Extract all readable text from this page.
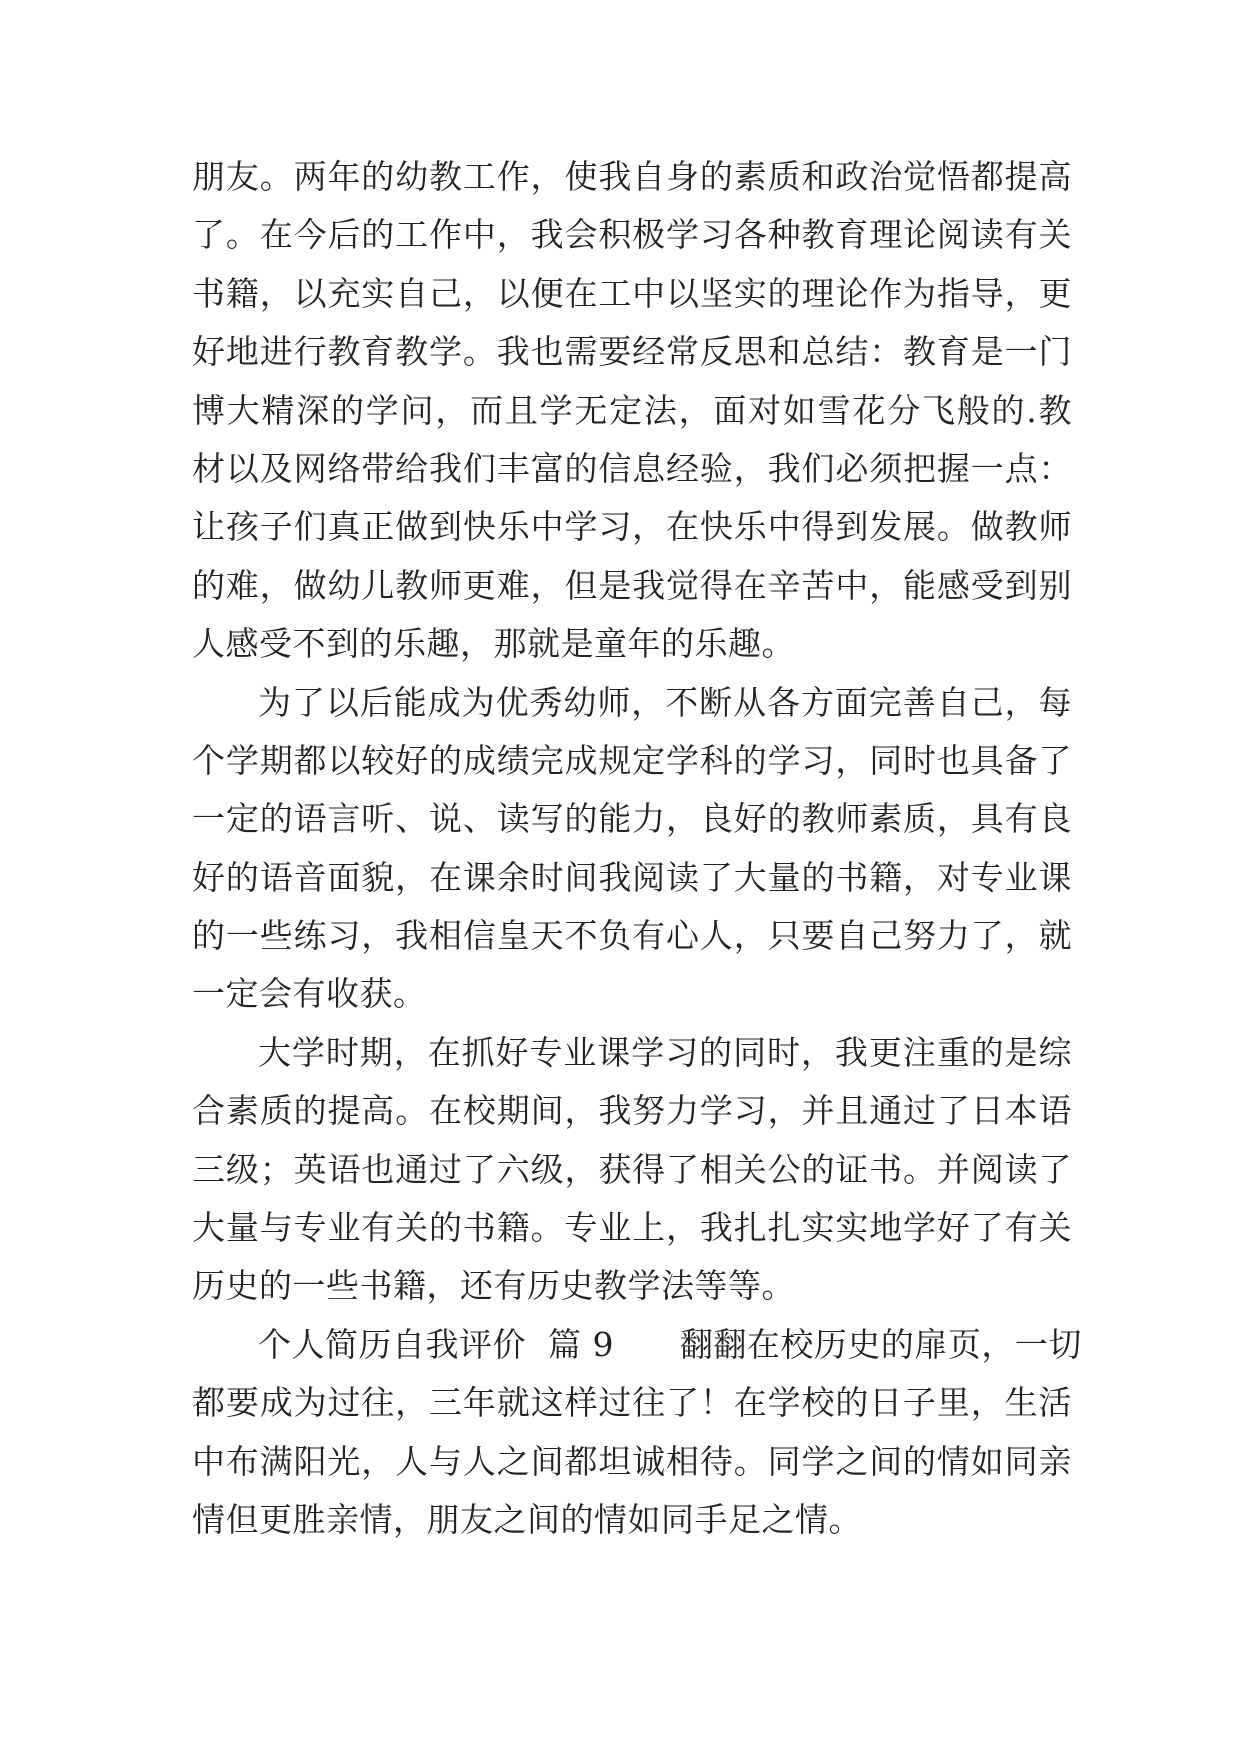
朋友。两年的幼教工作，使我自身的素质和政治觉悟都提高
了。在今后的工作中，我会积极学习各种教育理论阅读有关
书籍，以充实自己，以便在工中以坚实的理论作为指导，更
好地进行教育教学。我也需要经常反思和总结：教育是一门
博大精深的学问，而且学无定法，面对如雪花分飞般的.教
材以及网络带给我们丰富的信息经验，我们必须把握一点：
让孩子们真正做到快乐中学习，在快乐中得到发展。做教师
的难，做幼儿教师更难，但是我觉得在辛苦中，能感受到别
人感受不到的乐趣，那就是童年的乐趣。
为了以后能成为优秀幼师，不断从各方面完善自己，每
个学期都以较好的成绩完成规定学科的学习，同时也具备了
一定的语言听、说、读写的能力，良好的教师素质，具有良
好的语音面貌，在课余时间我阅读了大量的书籍，对专业课
的一些练习，我相信皇天不负有心人，只要自己努力了，就
一定会有收获。
大学时期，在抓好专业课学习的同时，我更注重的是综
合素质的提高。在校期间，我努力学习，并且通过了日本语
三级；英语也通过了六级，获得了相关公的证书。并阅读了
大量与专业有关的书籍。专业上，我扎扎实实地学好了有关
历史的一些书籍，还有历史教学法等等。
个人简历自我评价  篇 9      翻翻在校历史的扉页，一切
都要成为过往，三年就这样过往了！在学校的日子里，生活
中布满阳光，人与人之间都坦诚相待。同学之间的情如同亲
情但更胜亲情，朋友之间的情如同手足之情。
